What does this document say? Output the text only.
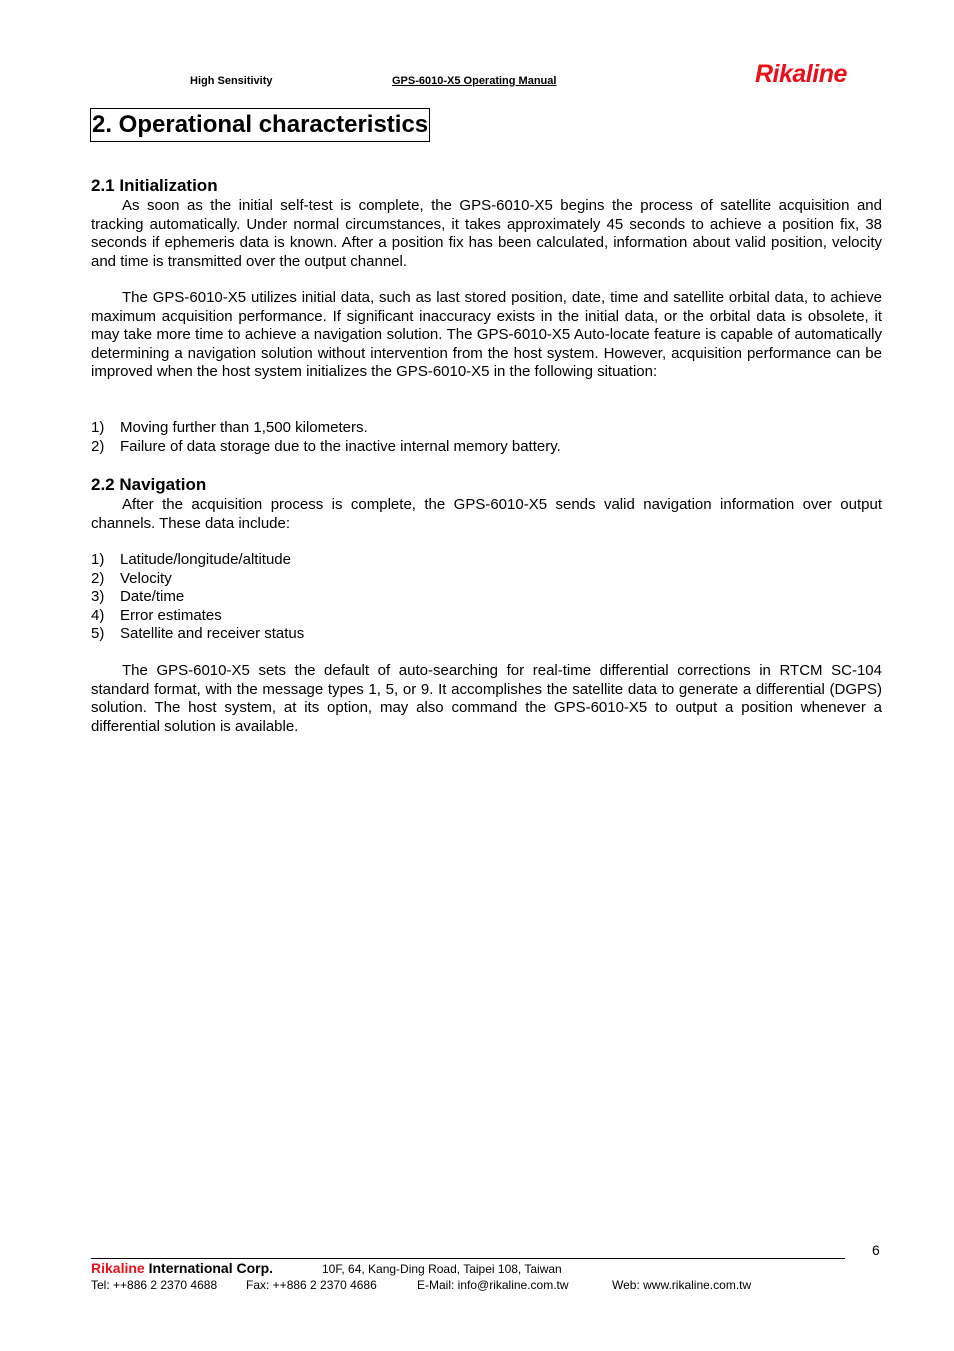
High Sensitivity	GPS-6010-X5 Operating Manual	Rikaline
2. Operational characteristics
2.1 Initialization

As soon as the initial self-test is complete, the GPS-6010-X5 begins the process of satellite acquisition and tracking automatically. Under normal circumstances, it takes approximately 45 seconds to achieve a position fix, 38 seconds if ephemeris data is known. After a position fix has been calculated, information about valid position, velocity and time is transmitted over the output channel.

The GPS-6010-X5 utilizes initial data, such as last stored position, date, time and satellite orbital data, to achieve maximum acquisition performance. If significant inaccuracy exists in the initial data, or the orbital data is obsolete, it may take more time to achieve a navigation solution. The GPS-6010-X5 Auto-locate feature is capable of automatically determining a navigation solution without intervention from the host system. However, acquisition performance can be improved when the host system initializes the GPS-6010-X5 in the following situation:

1)	Moving further than 1,500 kilometers.
2)	Failure of data storage due to the inactive internal memory battery.
2.2 Navigation

After the acquisition process is complete, the GPS-6010-X5 sends valid navigation information over output channels. These data include:

1)	Latitude/longitude/altitude
2)	Velocity
3)	Date/time
4)	Error estimates
5)	Satellite and receiver status

The GPS-6010-X5 sets the default of auto-searching for real-time differential corrections in RTCM SC-104 standard format, with the message types 1, 5, or 9. It accomplishes the satellite data to generate a differential (DGPS) solution. The host system, at its option, may also command the GPS-6010-X5 to output a position whenever a differential solution is available.

6
Rikaline International Corp.	10F, 64, Kang-Ding Road, Taipei 108, Taiwan
Tel: ++886 2 2370 4688 Fax: ++886 2 2370 4686	E-Mail: info@rikaline.com.tw	Web: www.rikaline.com.tw
